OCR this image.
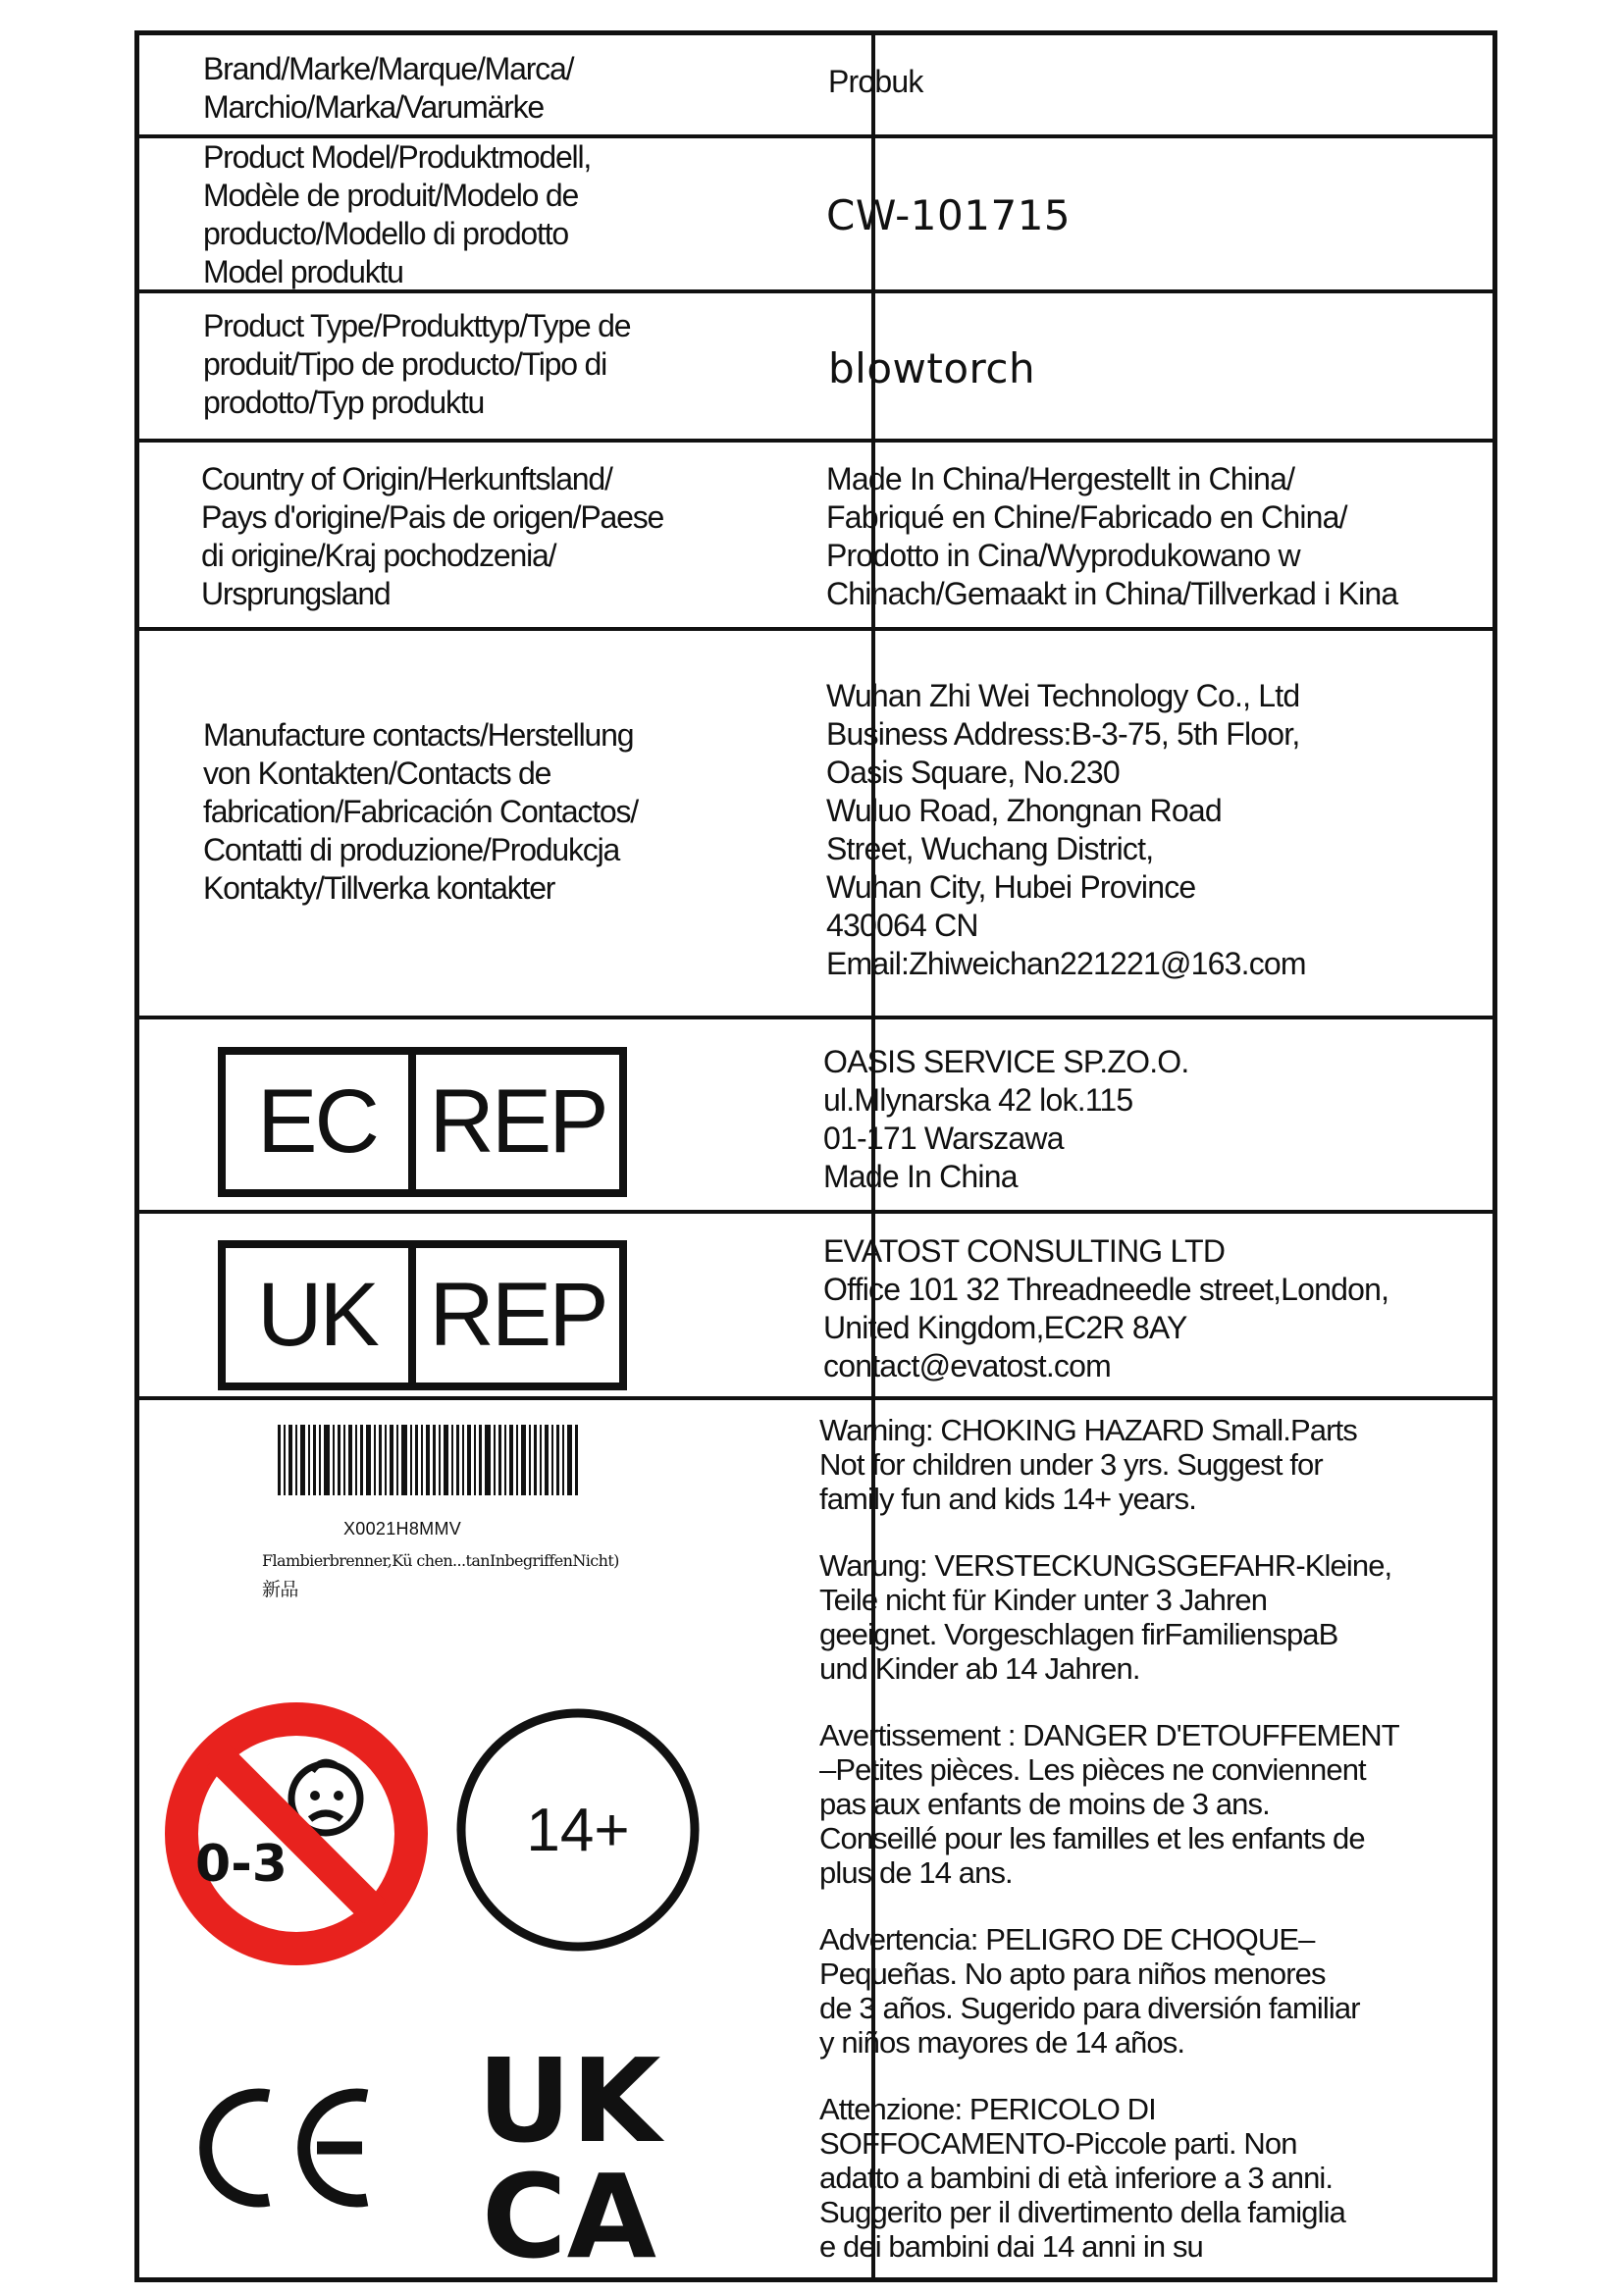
Brand/Marke/Marque/Marca/
Marchio/Marka/Varumärke
Probuk
Product Model/Produktmodell,
Modèle de produit/Modelo de
producto/Modello di prodotto
Model produktu
CW-101715
Product Type/Produkttyp/Type de
produit/Tipo de producto/Tipo di
prodotto/Typ produktu
blowtorch
Country of Origin/Herkunftsland/
Pays d'origine/Pais de origen/Paese
di origine/Kraj pochodzenia/
Ursprungsland
Made In China/Hergestellt in China/
Fabriqué en Chine/Fabricado en China/
Prodotto in Cina/Wyprodukowano w
Chinach/Gemaakt in China/Tillverkad i Kina
Manufacture contacts/Herstellung
von Kontakten/Contacts de
fabrication/Fabricación Contactos/
Contatti di produzione/Produkcja
Kontakty/Tillverka kontakter
Wuhan Zhi Wei Technology Co., Ltd
Business Address:B-3-75, 5th Floor,
Oasis Square, No.230
Wuluo Road, Zhongnan Road
Street, Wuchang District,
Wuhan City, Hubei Province
430064 CN
Email:Zhiweichan221221@163.com
EC REP
OASIS SERVICE SP.ZO.O.
ul.Mlynarska 42 lok.115
01-171 Warszawa
Made In China
UK REP
EVATOST CONSULTING LTD
Office 101 32 Threadneedle street,London,
United Kingdom,EC2R 8AY
contact@evatost.com
X0021H8MMV
Flambierbrenner,Kü chen...tanInbegriffenNicht)
新品
0-3	14+
CE	UK
CA

Warning: CHOKING HAZARD Small.Parts
Not for children under 3 yrs. Suggest for
family fun and kids 14+ years.

Warung: VERSTECKUNGSGEFAHR-Kleine,
Teile nicht für Kinder unter 3 Jahren
geeignet. Vorgeschlagen firFamilienspaB
und Kinder ab 14 Jahren.

Avertissement : DANGER D'ETOUFFEMENT
–Petites pièces. Les pièces ne conviennent
pas aux enfants de moins de 3 ans.
Conseillé pour les familles et les enfants de
plus de 14 ans.

Advertencia: PELIGRO DE CHOQUE–
Pequeñas. No apto para niños menores
de 3 años. Sugerido para diversión familiar
y niños mayores de 14 años.

Attenzione: PERICOLO DI
SOFFOCAMENTO-Piccole parti. Non
adatto a bambini di età inferiore a 3 anni.
Suggerito per il divertimento della famiglia
e dei bambini dai 14 anni in su
